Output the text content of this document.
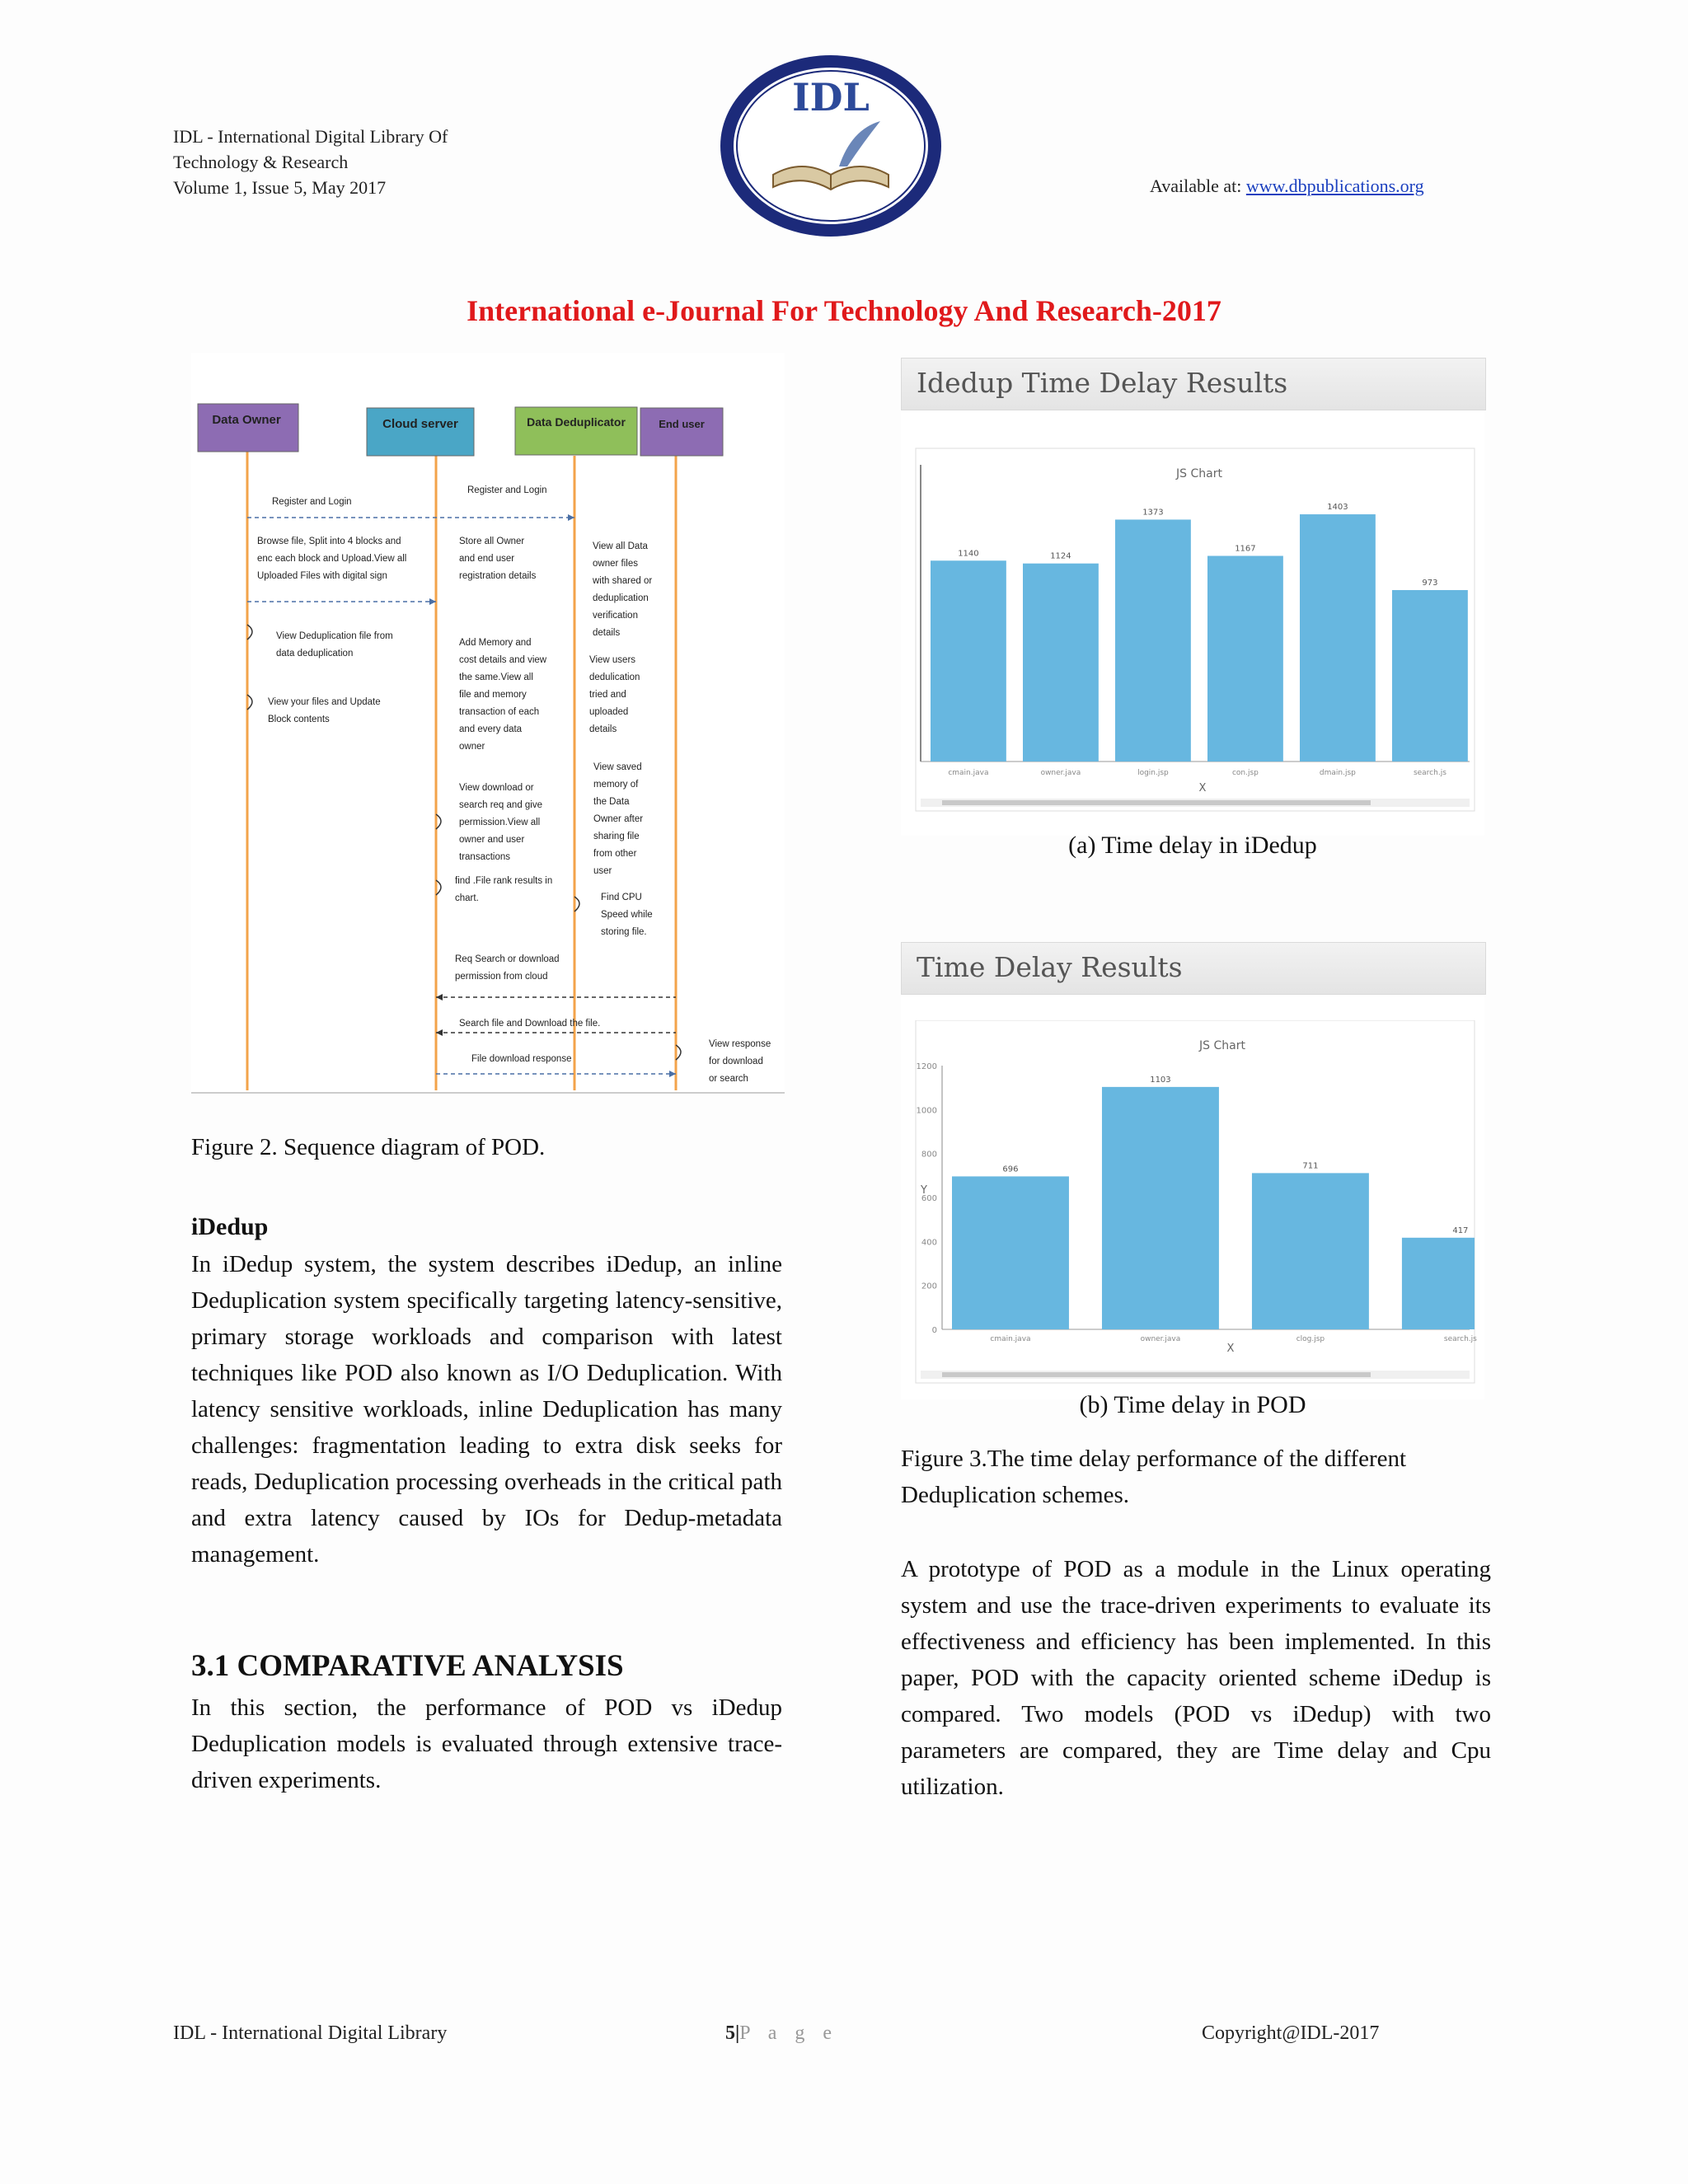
IDL - International Digital Library Of
Technology & Research
Volume 1, Issue 5, May 2017
IDL
Available at: www.dbpublications.org
International e-Journal For Technology And Research-2017
Data Owner	Cloud server	Data Deduplicator	End user
Register and Login
Register and Login
Browse file, Split into 4 blocks and
enc each block and Upload.View all
Uploaded Files with digital sign
Store all Owner
and end user
registration details
View all Data
owner files
with shared or
deduplication
verification
details
View Deduplication file from
data deduplication
Add Memory and
cost details and view
the same.View all
file and memory
transaction of each
and every data
owner
View users
dedulication
tried and
uploaded
details
View your files and Update
Block contents
View saved
memory of
the Data
Owner after
sharing file
from other
user
View download or
search req and give
permission.View all
owner and user
transactions
find .File rank results in
chart.	Find CPU
Speed while
storing file.
Req Search or download
permission from cloud
Search file and Download the file.
File download response
View response
for download
or search
Figure 2. Sequence diagram of POD.
iDedup
In iDedup system, the system describes iDedup, an inline Deduplication system specifically targeting latency-sensitive, primary storage workloads and comparison with latest techniques like POD also known as I/O Deduplication. With latency sensitive workloads, inline Deduplication has many challenges: fragmentation leading to extra disk seeks for reads, Deduplication processing overheads in the critical path and extra latency caused by IOs for Dedup-metadata management.
3.1 COMPARATIVE ANALYSIS
In this section, the performance of POD vs iDedup Deduplication models is evaluated through extensive trace-driven experiments.
Idedup Time Delay Results
JS Chart
X
1140
cmain.java
1124
owner.java
1373
login.jsp
1167
con.jsp
1403
dmain.jsp
973
search.js
(a) Time delay in iDedup
Time Delay Results
JS Chart
X
Y
0
200
400
600
800
1000
1200
696
cmain.java
1103
owner.java
711
clog.jsp
417
search.js
(b) Time delay in POD
Figure 3.The time delay performance of the different Deduplication schemes.
A prototype of POD as a module in the Linux operating system and use the trace-driven experiments to evaluate its effectiveness and efficiency has been implemented. In this paper, POD with the capacity oriented scheme iDedup is compared. Two models (POD vs iDedup) with two parameters are compared, they are Time delay and Cpu utilization.
IDL - International Digital Library	5|P a g e	Copyright@IDL-2017
